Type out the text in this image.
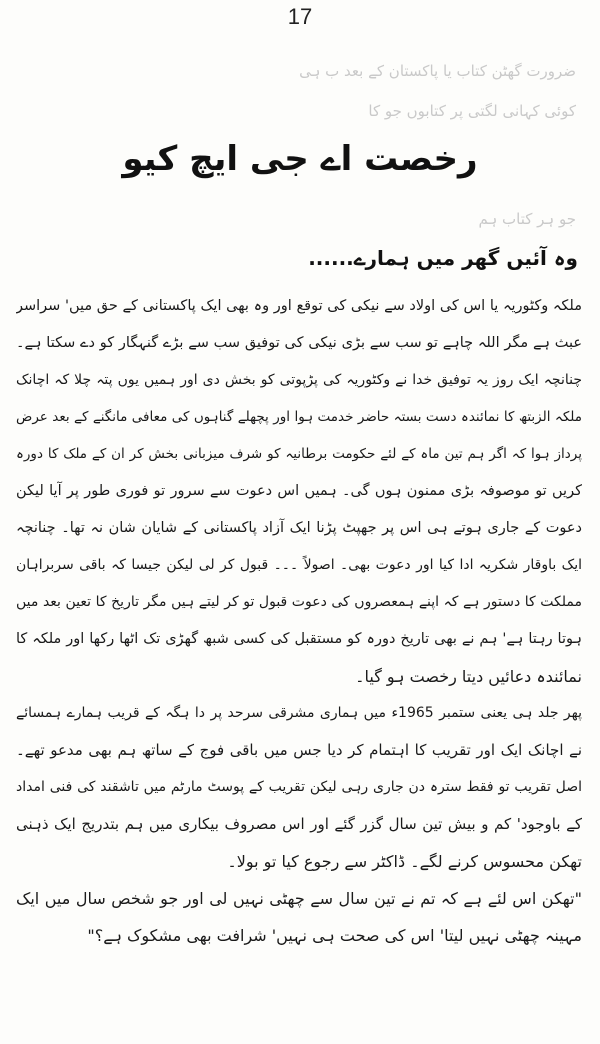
17
ضرورت گھٹن کتاب یا پاکستان کے بعد ب ہی
کوئی کہانی لگتی پر کتابوں جو کا
جو ہر کتاب ہم
رخصت اے جی ایچ کیو
وہ آئیں گھر میں ہمارے......
ملکہ وکٹوریہ یا اس کی اولاد سے نیکی کی توقع اور وہ بھی ایک پاکستانی کے حق میں' سراسر
عبث ہے مگر اللہ چاہے تو سب سے بڑی نیکی کی توفیق سب سے بڑے گنہگار کو دے سکتا ہے۔
چنانچہ ایک روز یہ توفیق خدا نے وکٹوریہ کی پڑپوتی کو بخش دی اور ہمیں یوں پتہ چلا کہ اچانک
ملکہ الزبتھ کا نمائندہ دست بستہ حاضر خدمت ہوا اور پچھلے گناہوں کی معافی مانگنے کے بعد عرض
پرداز ہوا کہ اگر ہم تین ماہ کے لئے حکومت برطانیہ کو شرف میزبانی بخش کر ان کے ملک کا دورہ
کریں تو موصوفہ بڑی ممنون ہوں گی۔ ہمیں اس دعوت سے سرور تو فوری طور پر آیا لیکن
دعوت کے جاری ہوتے ہی اس پر جھپٹ پڑنا ایک آزاد پاکستانی کے شایان شان نہ تھا۔ چنانچہ
ایک باوقار شکریہ ادا کیا اور دعوت بھی۔ اصولاً ۔۔۔ قبول کر لی لیکن جیسا کہ باقی سربراہان
مملکت کا دستور ہے کہ اپنے ہمعصروں کی دعوت قبول تو کر لیتے ہیں مگر تاریخ کا تعین بعد میں
ہوتا رہتا ہے' ہم نے بھی تاریخ دورہ کو مستقبل کی کسی شبھ گھڑی تک اٹھا رکھا اور ملکہ کا
نمائندہ دعائیں دیتا رخصت ہو گیا۔
پھر جلد ہی یعنی ستمبر 1965ء میں ہماری مشرقی سرحد پر دا ہگہ کے قریب ہمارے ہمسائے
نے اچانک ایک اور تقریب کا اہتمام کر دیا جس میں باقی فوج کے ساتھ ہم بھی مدعو تھے۔
اصل تقریب تو فقط سترہ دن جاری رہی لیکن تقریب کے پوسٹ مارٹم میں تاشقند کی فنی امداد
کے باوجود' کم و بیش تین سال گزر گئے اور اس مصروف بیکاری میں ہم بتدریج ایک ذہنی
تھکن محسوس کرنے لگے۔ ڈاکٹر سے رجوع کیا تو بولا۔
"تھکن اس لئے ہے کہ تم نے تین سال سے چھٹی نہیں لی اور جو شخص سال میں ایک
مہینہ چھٹی نہیں لیتا' اس کی صحت ہی نہیں' شرافت بھی مشکوک ہے؟"
